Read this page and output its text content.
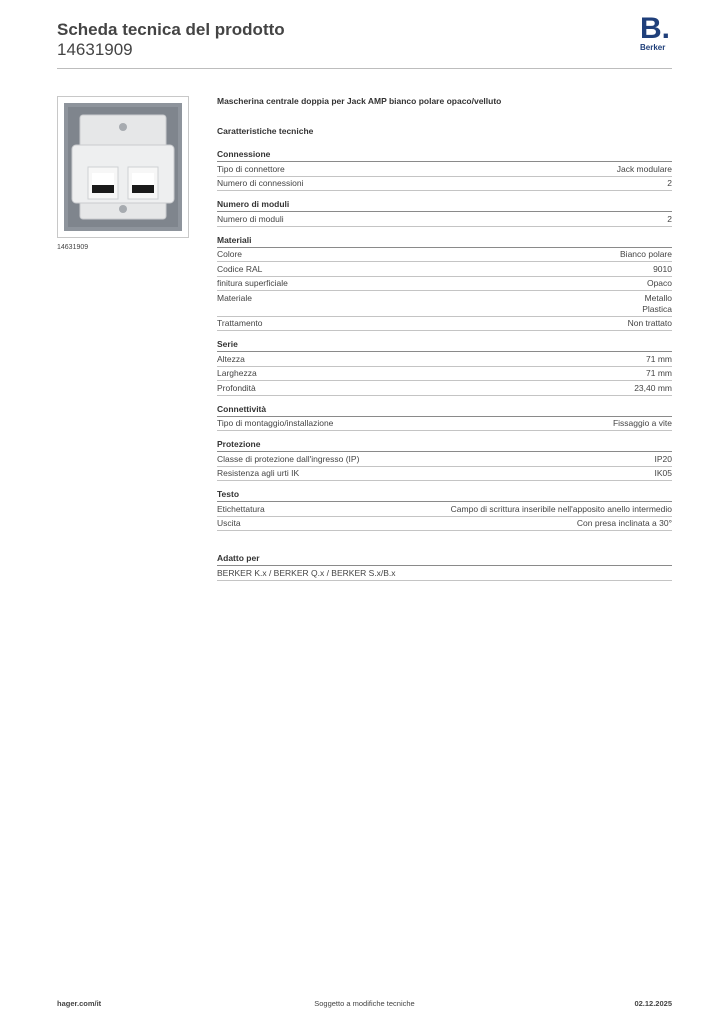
Scheda tecnica del prodotto
14631909
B.
Berker
14631909
Mascherina centrale doppia per Jack AMP bianco polare opaco/velluto
Caratteristiche tecniche
Connessione
Tipo di connettore	Jack modulare
Numero di connessioni	2
Numero di moduli
Numero di moduli	2
Materiali
Colore	Bianco polare
Codice RAL	9010
finitura superficiale	Opaco
Materiale	Metallo
Plastica
Trattamento	Non trattato
Serie
Altezza	71 mm
Larghezza	71 mm
Profondità	23,40 mm
Connettività
Tipo di montaggio/installazione	Fissaggio a vite
Protezione
Classe di protezione dall'ingresso (IP)	IP20
Resistenza agli urti IK	IK05
Testo
Etichettatura	Campo di scrittura inseribile nell'apposito anello intermedio
Uscita	Con presa inclinata a 30°
Adatto per
BERKER K.x / BERKER Q.x / BERKER S.x/B.x
hager.com/it	Soggetto a modifiche tecniche	02.12.2025
